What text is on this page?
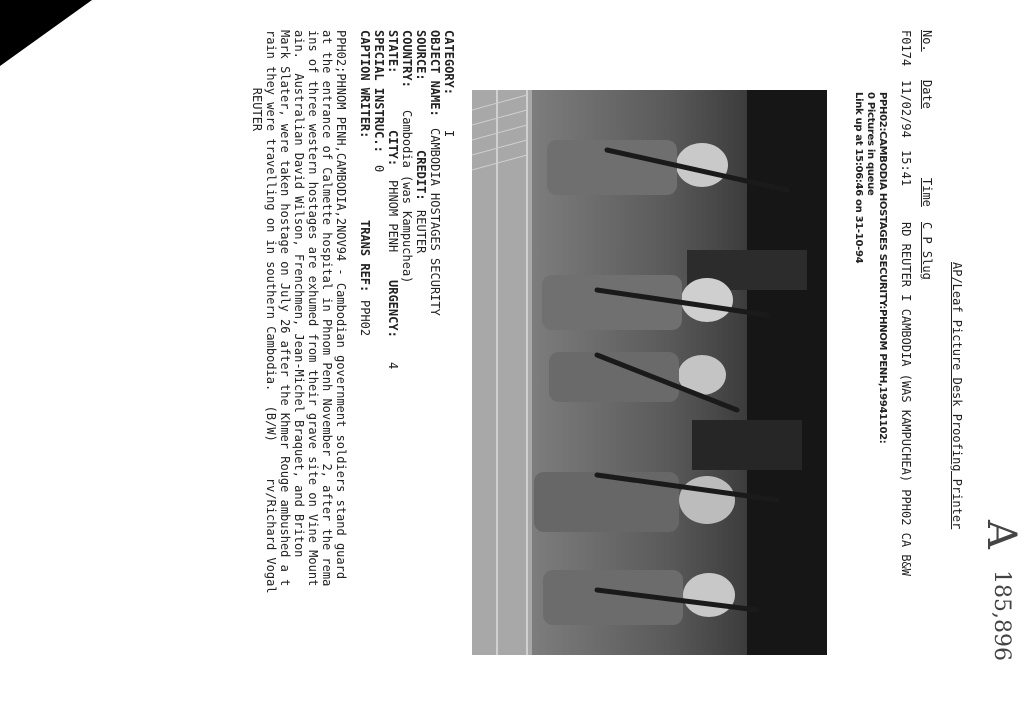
AP/Leaf Picture Desk Proofing Printer
No.
Date
Time
C P Slug
F0174
11/02/94
15:41
RD REUTER I CAMBODIA (WAS KAMPUCHEA) PPH02 CA B&W
PPH02:CAMBODIA HOSTAGES SECURITY:PHNOM PENH,19941102:
0 Pictures in queue
Link up at 15:06:46 on 31-10-94
CATEGORY:
I
OBJECT NAME:
CAMBODIA HOSTAGES SECURITY
SOURCE:
CREDIT:
REUTER
COUNTRY:
Cambodia (was Kampuchea)
STATE:
CITY:
PHNOM PENH
URGENCY:
4
SPECIAL INSTRUC.:
0
CAPTION WRITER:
TRANS REF:
PPH02
PPH02;PHNOM PENH,CAMBODIA,2NOV94 - Cambodian government soldiers stand guard
at the entrance of Calmette hospital in Phnom Penh November 2, after the rema
ins of three western hostages are exhumed from their grave site on Vine Mount
ain.  Australian David Wilson, Frenchmen, Jean-Michel Braquet, and Briton
Mark Slater, were taken hostage on July 26 after the Khmer Rouge ambushed a t
rain they were travelling on in southern Cambodia.  (B/W)     rv/Richard Vogal
REUTER
A
185,896
